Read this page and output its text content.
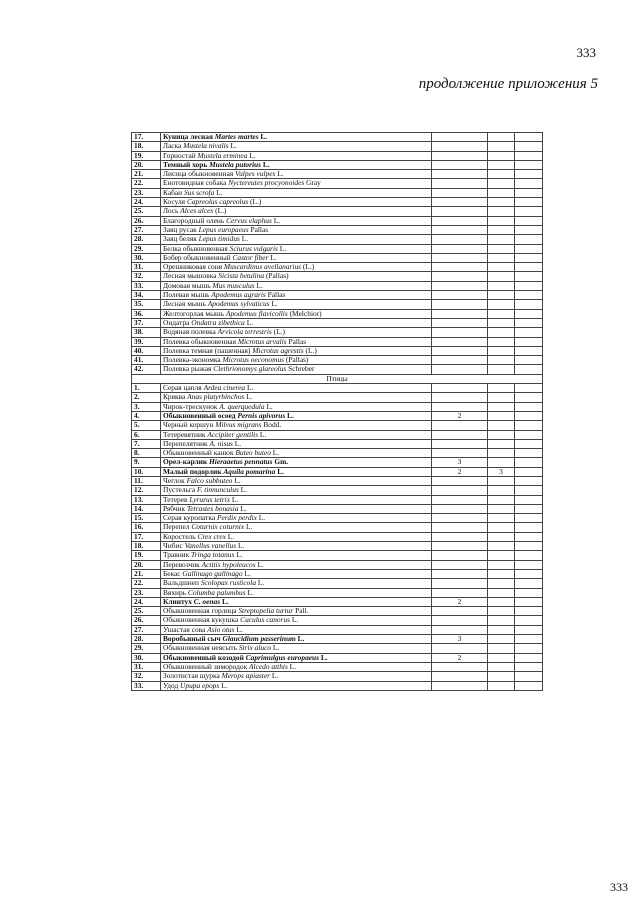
333
продолжение приложения 5
17.	Куница лесная Martes martes L.			
18.	Ласка Mustela nivalis L.			
19.	Горностай Mustela erminea L.			
20.	Темный хорь Mustela putorius L.			
21.	Лисица обыкновенная Vulpes vulpes L.			
22.	Енотовидная собака Nyctereutes procyonoides Gray			
23.	Кабан Sus scrofa L.			
24.	Косуля Capreolus capreolus (L.)			
25.	Лось Alces alces (L.)			
26.	Благородный олень Cervus elaphus L.			
27.	Заяц русак Lepus europaeus Pallas			
28.	Заяц беляк Lepus timidus L.			
29.	Белка обыкновенная Sciurus vulgaris L.			
30.	Бобер обыкновенный Castor fiber L.			
31.	Орешниковая соня Muscardinus avellanarius (L.)			
32.	Лесная мышовка Sicista betulina (Pallas)			
33.	Домовая мышь Mus musculus L.			
34.	Полевая мышь Apodemus agraris Pallas			
35.	Лесная мышь Apodemus sylvaticus L.			
36.	Желтогорлая мышь Apodemus flavicollis (Melchior)			
37.	Ондатра Ondatra zibethica L.			
38.	Водяная полевка Arvicola terrestris (L.)			
39.	Полевка обыкновенная Microtus arvalis Pallas			
40.	Полевка темная (пашенная) Microtus agrestis (L.)			
41.	Полевка-экономка Microtus oeconomus (Pallas)			
42.	Полевка рыжая Clethrionomys glareolus Schreber			
Птицы				
1.	Серая цапля Ardea cinerea L.			
2.	Кряква Anas platyrhinchos L.			
3.	Чирок-трескунок A. querquedula L.			
4.	Обыкновенный осоед Pernis apivorus L.	2		
5.	Черный коршун Milvus migrans Bodd.			
6.	Тетеревятник Accipiter gentilis L.			
7.	Перепелятник A. nisus L.			
8.	Обыкновенный канюк Buteo buteo L.			
9.	Орел-карлик Hieraaetus pennatus Gm.	3		
10.	Малый подорлик Aquila pomarina L.	2	3	
11.	Чеглок Falco subbuteo L.			
12.	Пустельга F. tinnunculus L.			
13.	Тетерев Lyrurus tetrix L.			
14.	Рябчик Tetrastes bonasia L.			
15.	Серая куропатка Perdix perdix L.			
16.	Перепел Coturnix coturnix L.			
17.	Коростель Crex crex L.			
18.	Чибис Vanellus vanellus L.			
19.	Травник Tringa totanus L.			
20.	Перевозчик Actitis hypoleucos L.			
21.	Бекас Gallinago gallinago L.			
22.	Вальдшнеп Scolopax rusticola L.			
23.	Вяхирь Columba palumbus L.			
24.	Клинтух C. oenas L.	2		
25.	Обыкновенная горлица Streptopelia turtur Pall.			
26.	Обыкновенная кукушка Cuculus canorus L.			
27.	Ушастая сова Asio otus L.			
28.	Воробьиный сыч Glaucidium passerinum L.	3		
29.	Обыкновенная неясыть Strix aluco L.			
30.	Обыкновенный козодой Caprimulgus europaeus L.	2		
31.	Обыкновенный зимородок Alcedo atthis L.			
32.	Золотистая щурка Merops apiaster L.			
33.	Удод Upupa epops L.			
333
